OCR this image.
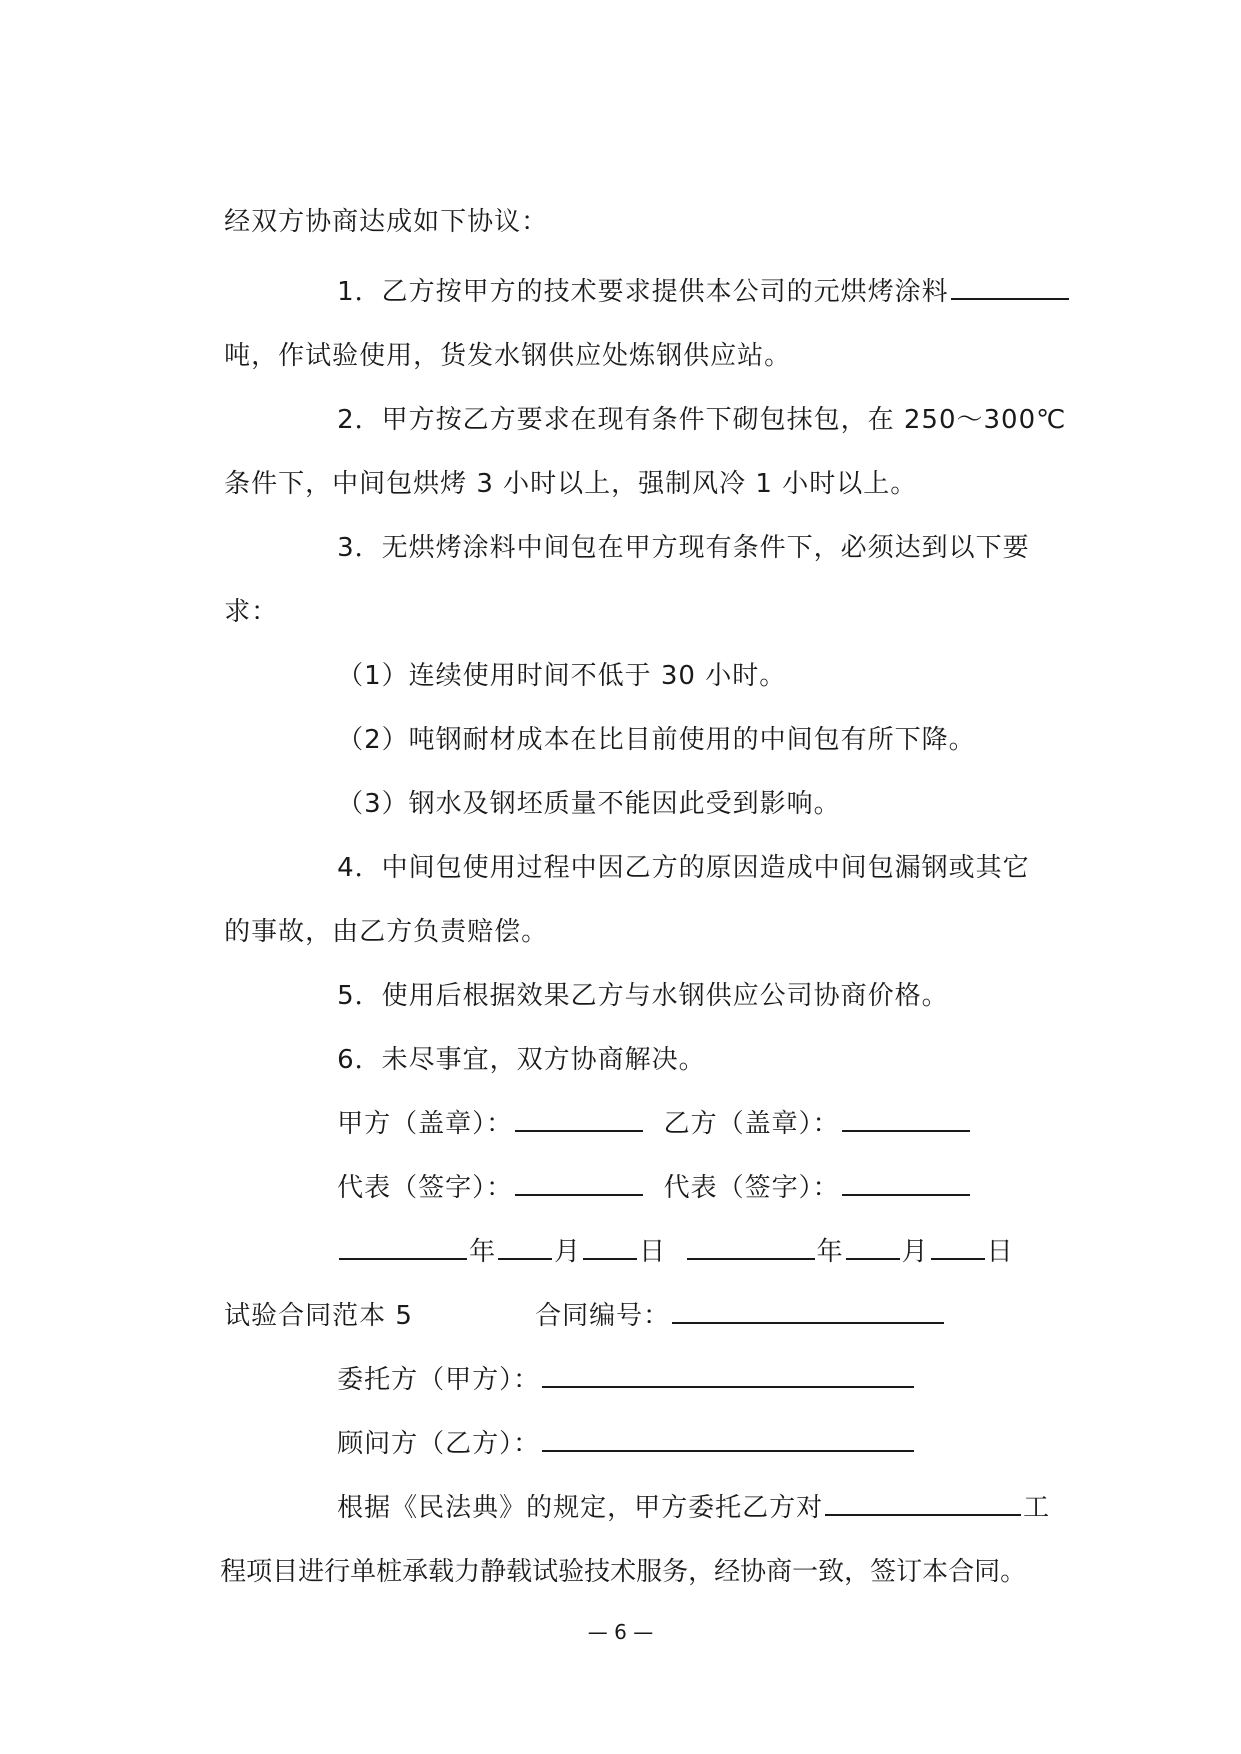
经双方协商达成如下协议：

1．乙方按甲方的技术要求提供本公司的元烘烤涂料

吨，作试验使用，货发水钢供应处炼钢供应站。

2．甲方按乙方要求在现有条件下砌包抹包，在 250～300℃

条件下，中间包烘烤 3 小时以上，强制风冷 1 小时以上。

3．无烘烤涂料中间包在甲方现有条件下，必须达到以下要

求：

（1）连续使用时间不低于 30 小时。

（2）吨钢耐材成本在比目前使用的中间包有所下降。

（3）钢水及钢坯质量不能因此受到影响。

4．中间包使用过程中因乙方的原因造成中间包漏钢或其它

的事故，由乙方负责赔偿。

5．使用后根据效果乙方与水钢供应公司协商价格。

6．未尽事宜，双方协商解决。

甲方（盖章）：	乙方（盖章）：

代表（签字）：	代表（签字）：

年 月 日	年 月 日

试验合同范本 5
	合同编号：

委托方（甲方）：

顾问方（乙方）：

根据《民法典》的规定，甲方委托乙方对	工

程项目进行单桩承载力静载试验技术服务，经协商一致，签订本合同。

— 6 —
